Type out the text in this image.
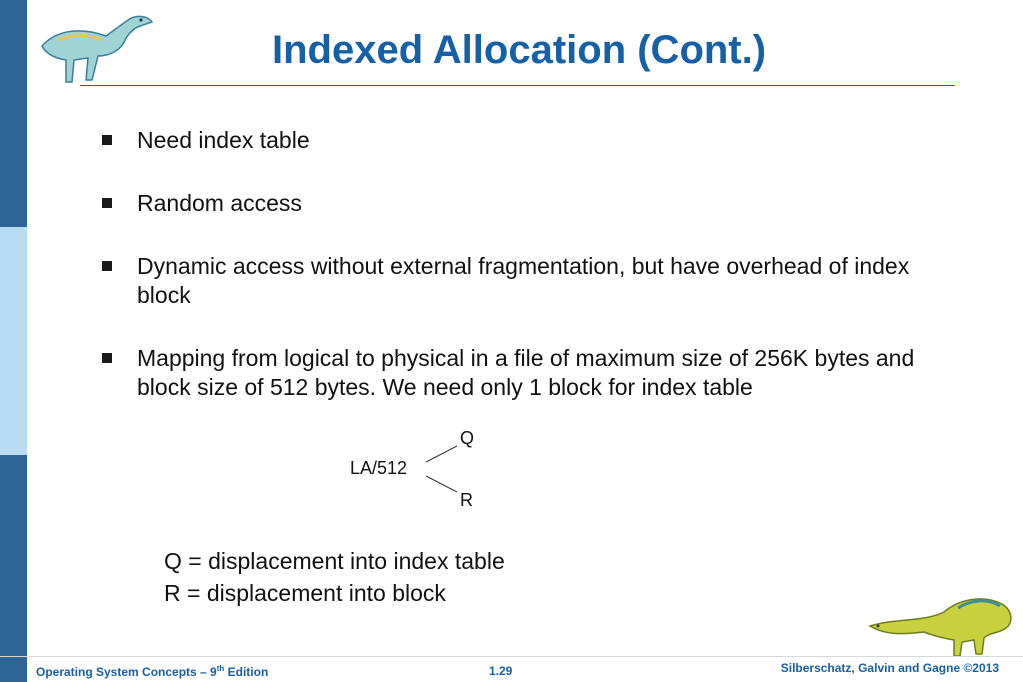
Indexed Allocation (Cont.)
Need index table
Random access
Dynamic access without external fragmentation, but have overhead of index block
Mapping from logical to physical in a file of maximum size of 256K bytes and block size of 512 bytes. We need only 1 block for index table
LA/512
Q
R
Q = displacement into index table
R = displacement into block
Operating System Concepts – 9th Edition	1.29	Silberschatz, Galvin and Gagne ©2013
